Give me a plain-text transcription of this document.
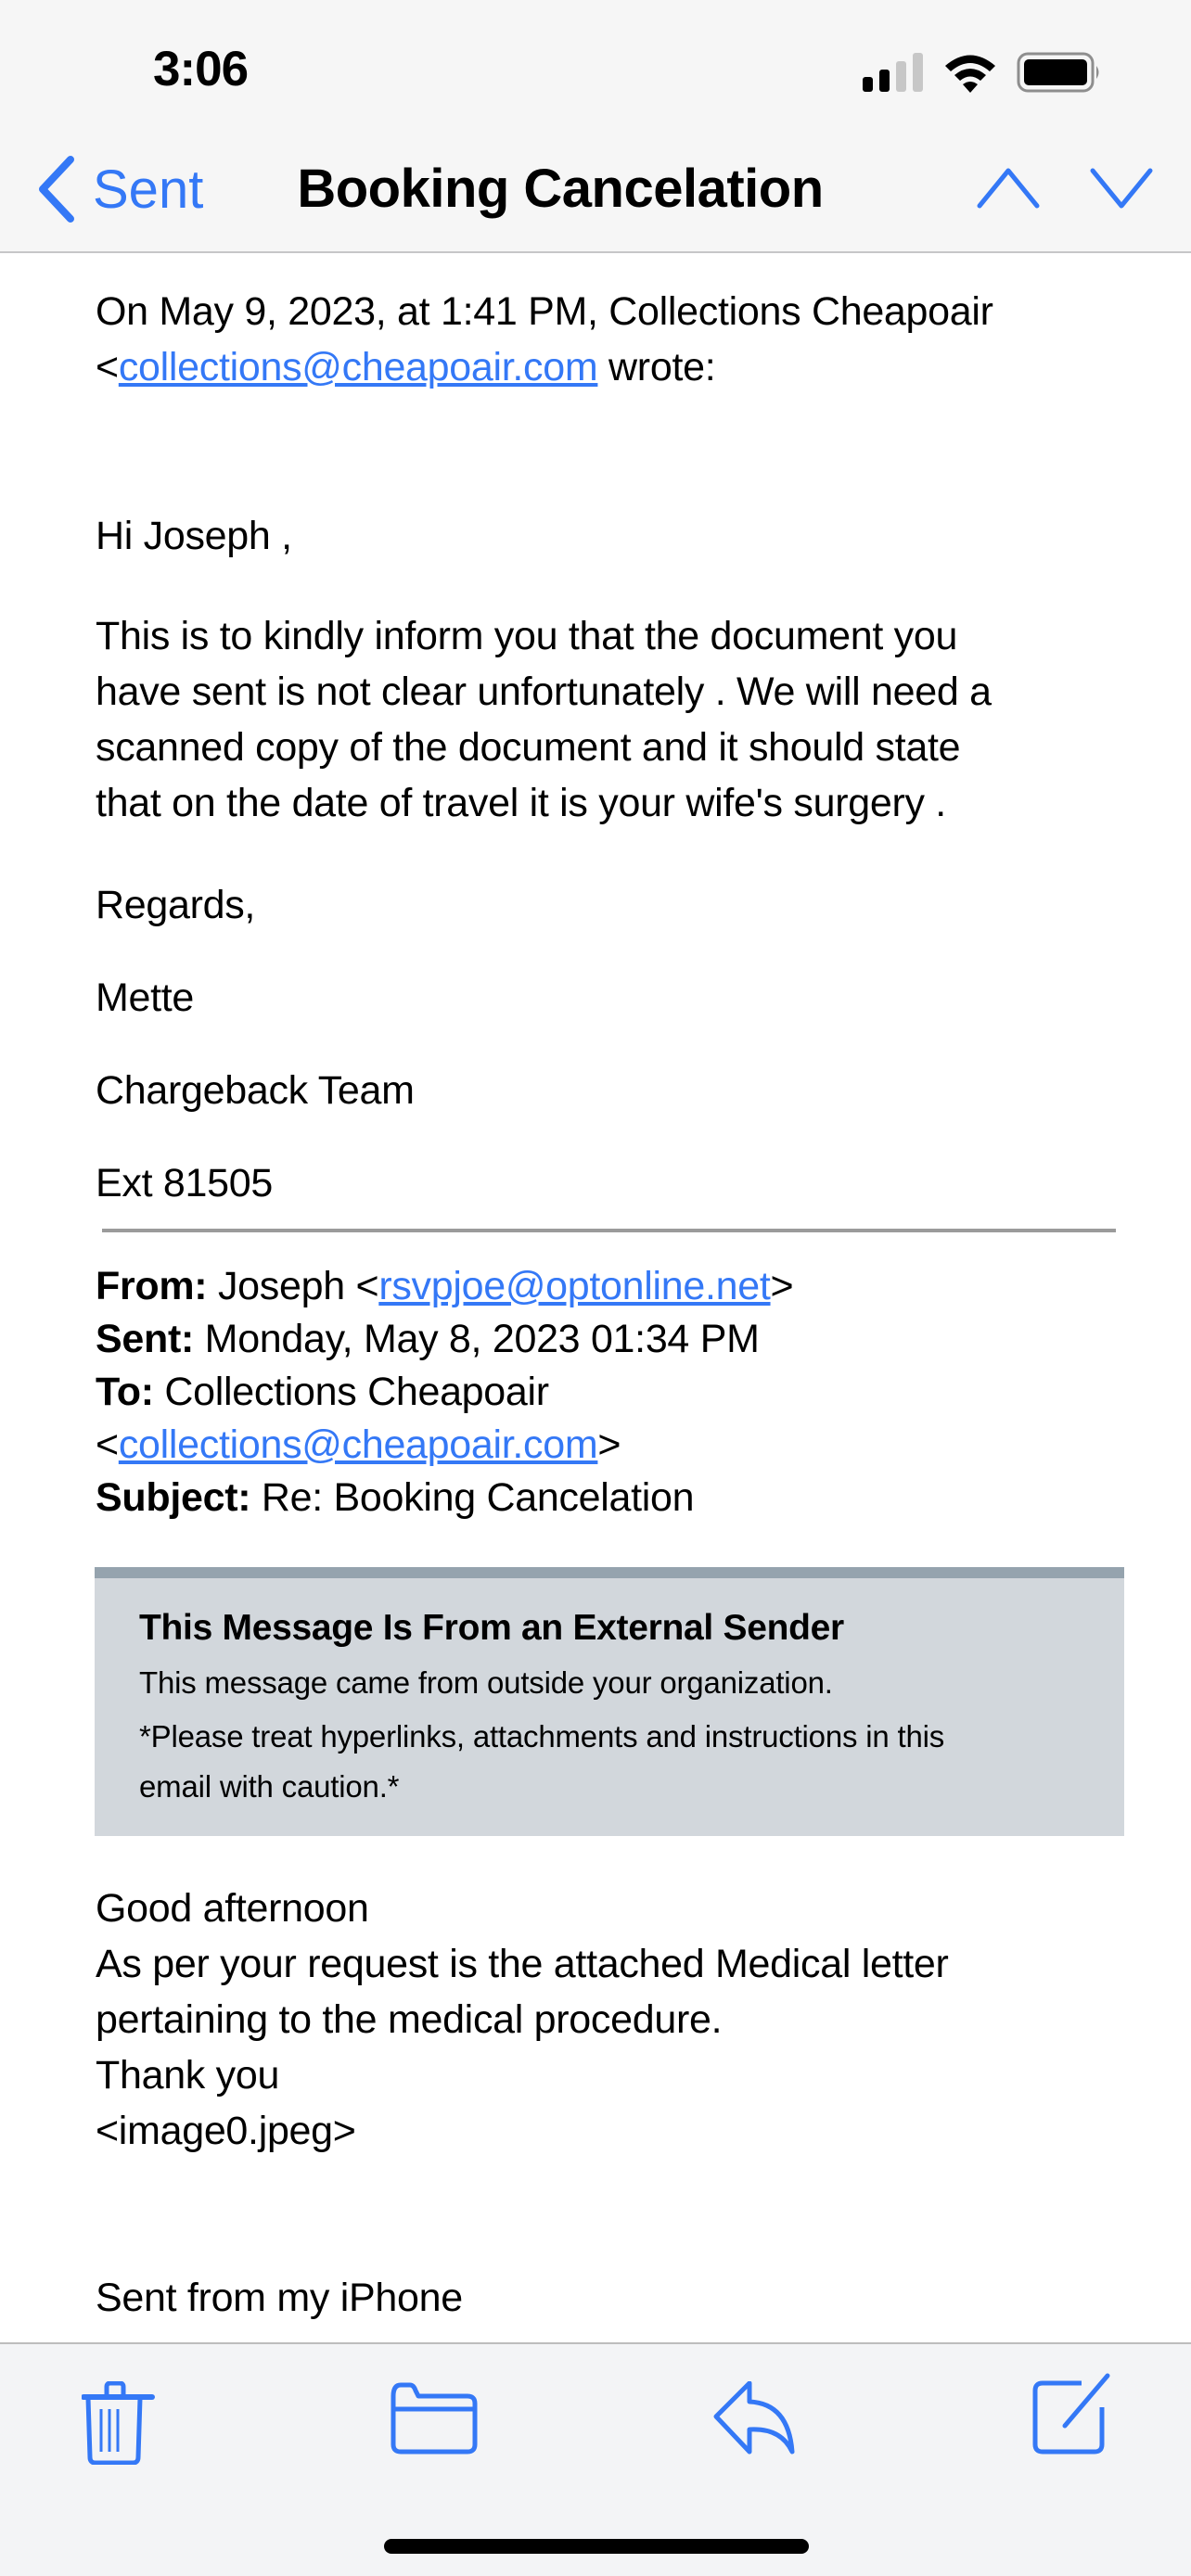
3:06
Sent	Booking Cancelation
On May 9, 2023, at 1:41 PM, Collections Cheapoair
<collections@cheapoair.com wrote:
Hi Joseph ,
This is to kindly inform you that the document you
have sent is not clear unfortunately . We will need a
scanned copy of the document and it should state
that on the date of travel it is your wife's surgery .
Regards,
Mette
Chargeback Team
Ext 81505
From: Joseph <rsvpjoe@optonline.net>
Sent: Monday, May 8, 2023 01:34 PM
To: Collections Cheapoair
<collections@cheapoair.com>
Subject: Re: Booking Cancelation
This Message Is From an External Sender
This message came from outside your organization.
*Please treat hyperlinks, attachments and instructions in this
email with caution.*
Good afternoon
As per your request is the attached Medical letter
pertaining to the medical procedure.
Thank you
<image0.jpeg>
Sent from my iPhone
